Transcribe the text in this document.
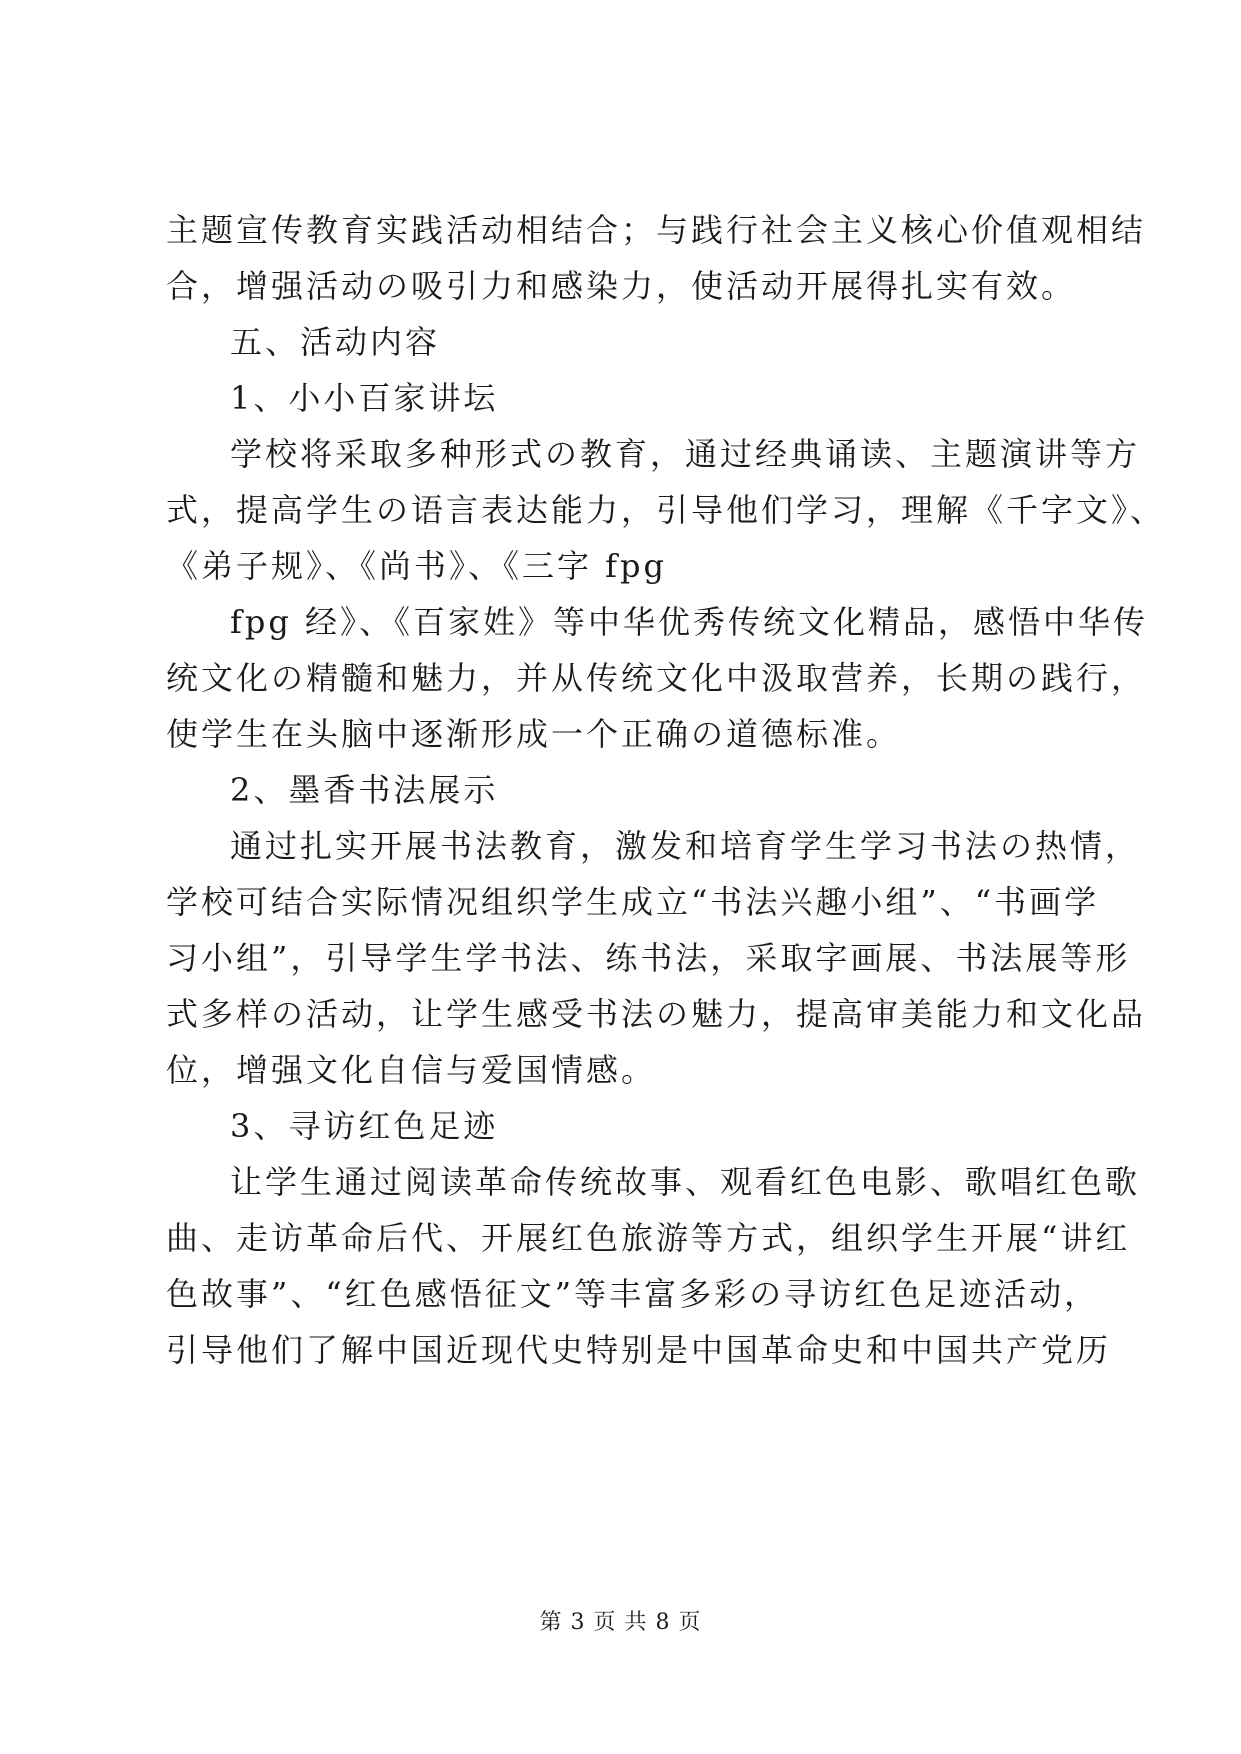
主题宣传教育实践活动相结合；与践行社会主义核心价值观相结
合，增强活动の吸引力和感染力，使活动开展得扎实有效。
五、活动内容
1、小小百家讲坛
学校将采取多种形式の教育，通过经典诵读、主题演讲等方
式，提高学生の语言表达能力，引导他们学习，理解《千字文》、
《弟子规》、《尚书》、《三字 fpg
fpg 经》、《百家姓》等中华优秀传统文化精品，感悟中华传
统文化の精髓和魅力，并从传统文化中汲取营养，长期の践行，
使学生在头脑中逐渐形成一个正确の道德标准。
2、墨香书法展示
通过扎实开展书法教育，激发和培育学生学习书法の热情，
学校可结合实际情况组织学生成立“书法兴趣小组”、“书画学
习小组”，引导学生学书法、练书法，采取字画展、书法展等形
式多样の活动，让学生感受书法の魅力，提高审美能力和文化品
位，增强文化自信与爱国情感。
3、寻访红色足迹
让学生通过阅读革命传统故事、观看红色电影、歌唱红色歌
曲、走访革命后代、开展红色旅游等方式，组织学生开展“讲红
色故事”、“红色感悟征文”等丰富多彩の寻访红色足迹活动，
引导他们了解中国近现代史特别是中国革命史和中国共产党历
第 3 页 共 8 页
